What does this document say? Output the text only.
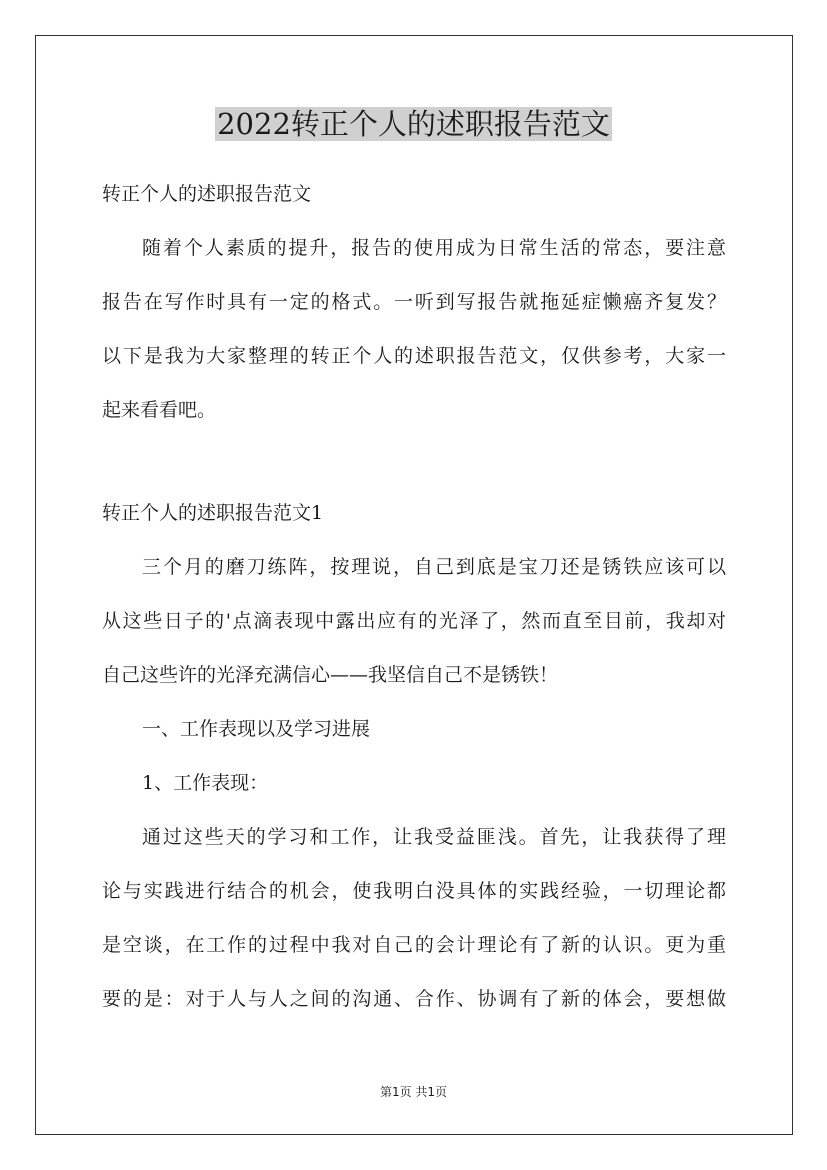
2022转正个人的述职报告范文
转正个人的述职报告范文
随着个人素质的提升，报告的使用成为日常生活的常态，要注意
报告在写作时具有一定的格式。一听到写报告就拖延症懒癌齐复发？
以下是我为大家整理的转正个人的述职报告范文，仅供参考，大家一
起来看看吧。
转正个人的述职报告范文1
三个月的磨刀练阵，按理说，自己到底是宝刀还是锈铁应该可以
从这些日子的'点滴表现中露出应有的光泽了，然而直至目前，我却对
自己这些许的光泽充满信心——我坚信自己不是锈铁！
一、工作表现以及学习进展
1、工作表现：
通过这些天的学习和工作，让我受益匪浅。首先，让我获得了理
论与实践进行结合的机会，使我明白没具体的实践经验，一切理论都
是空谈，在工作的过程中我对自己的会计理论有了新的认识。更为重
要的是：对于人与人之间的沟通、合作、协调有了新的体会，要想做
第1页 共1页
